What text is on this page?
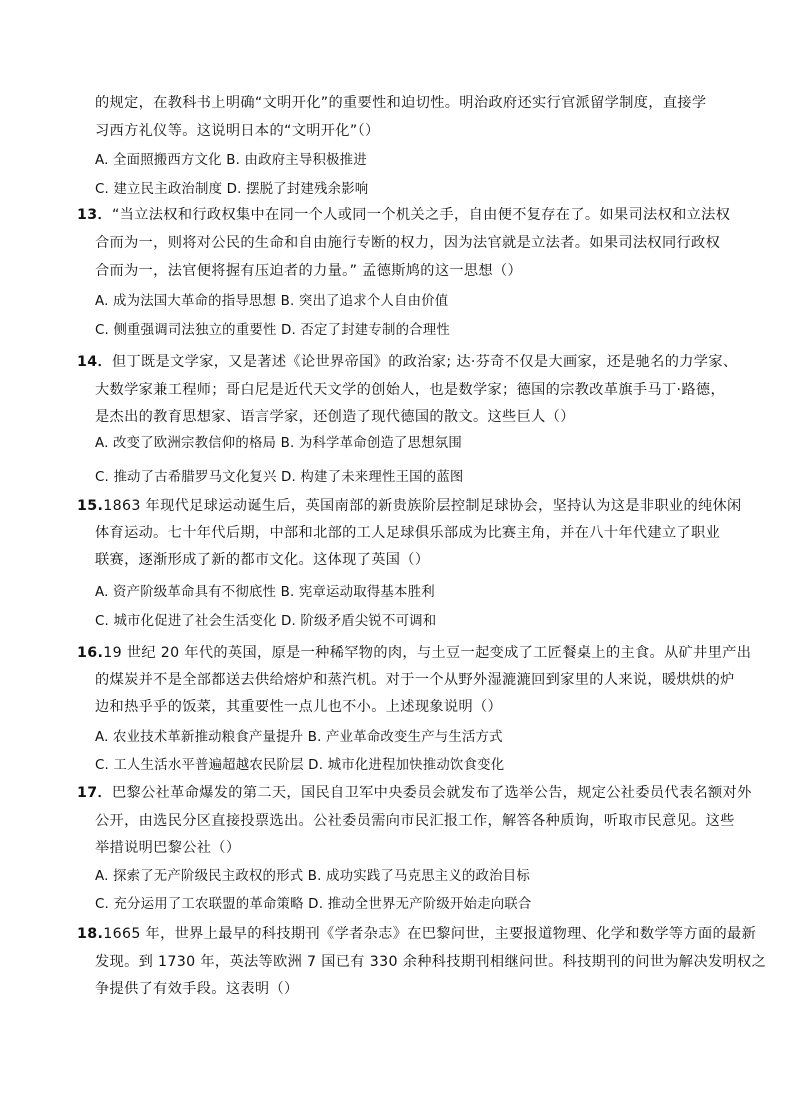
的规定，在教科书上明确“文明开化”的重要性和迫切性。明治政府还实行官派留学制度，直接学
习西方礼仪等。这说明日本的“文明开化”（）
A. 全面照搬西方文化 B. 由政府主导积极推进
C. 建立民主政治制度 D. 摆脱了封建残余影响
13．“当立法权和行政权集中在同一个人或同一个机关之手，自由便不复存在了。如果司法权和立法权
合而为一，则将对公民的生命和自由施行专断的权力，因为法官就是立法者。如果司法权同行政权
合而为一，法官便将握有压迫者的力量。” 孟德斯鸠的这一思想（）
A. 成为法国大革命的指导思想 B. 突出了追求个人自由价值
C. 侧重强调司法独立的重要性 D. 否定了封建专制的合理性
14．但丁既是文学家，又是著述《论世界帝国》的政治家; 达·芬奇不仅是大画家，还是驰名的力学家、
大数学家兼工程师；哥白尼是近代天文学的创始人，也是数学家；德国的宗教改革旗手马丁·路德，
是杰出的教育思想家、语言学家，还创造了现代德国的散文。这些巨人（）
A. 改变了欧洲宗教信仰的格局 B. 为科学革命创造了思想氛围
C. 推动了古希腊罗马文化复兴 D. 构建了未来理性王国的蓝图
15.1863 年现代足球运动诞生后，英国南部的新贵族阶层控制足球协会，坚持认为这是非职业的纯休闲
体育运动。七十年代后期，中部和北部的工人足球俱乐部成为比赛主角，并在八十年代建立了职业
联赛，逐渐形成了新的都市文化。这体现了英国（）
A. 资产阶级革命具有不彻底性 B. 宪章运动取得基本胜利
C. 城市化促进了社会生活变化 D. 阶级矛盾尖锐不可调和
16.19 世纪 20 年代的英国，原是一种稀罕物的肉，与土豆一起变成了工匠餐桌上的主食。从矿井里产出
的煤炭并不是全部都送去供给熔炉和蒸汽机。对于一个从野外湿漉漉回到家里的人来说，暖烘烘的炉
边和热乎乎的饭菜，其重要性一点儿也不小。上述现象说明（）
A. 农业技术革新推动粮食产量提升 B. 产业革命改变生产与生活方式
C. 工人生活水平普遍超越农民阶层 D. 城市化进程加快推动饮食变化
17．巴黎公社革命爆发的第二天，国民自卫军中央委员会就发布了选举公告，规定公社委员代表名额对外
公开，由选民分区直接投票选出。公社委员需向市民汇报工作，解答各种质询，听取市民意见。这些
举措说明巴黎公社（）
A. 探索了无产阶级民主政权的形式 B. 成功实践了马克思主义的政治目标
C. 充分运用了工农联盟的革命策略 D. 推动全世界无产阶级开始走向联合
18.1665 年，世界上最早的科技期刊《学者杂志》在巴黎问世，主要报道物理、化学和数学等方面的最新
发现。到 1730 年，英法等欧洲 7 国已有 330 余种科技期刊相继问世。科技期刊的问世为解决发明权之
争提供了有效手段。这表明（）
